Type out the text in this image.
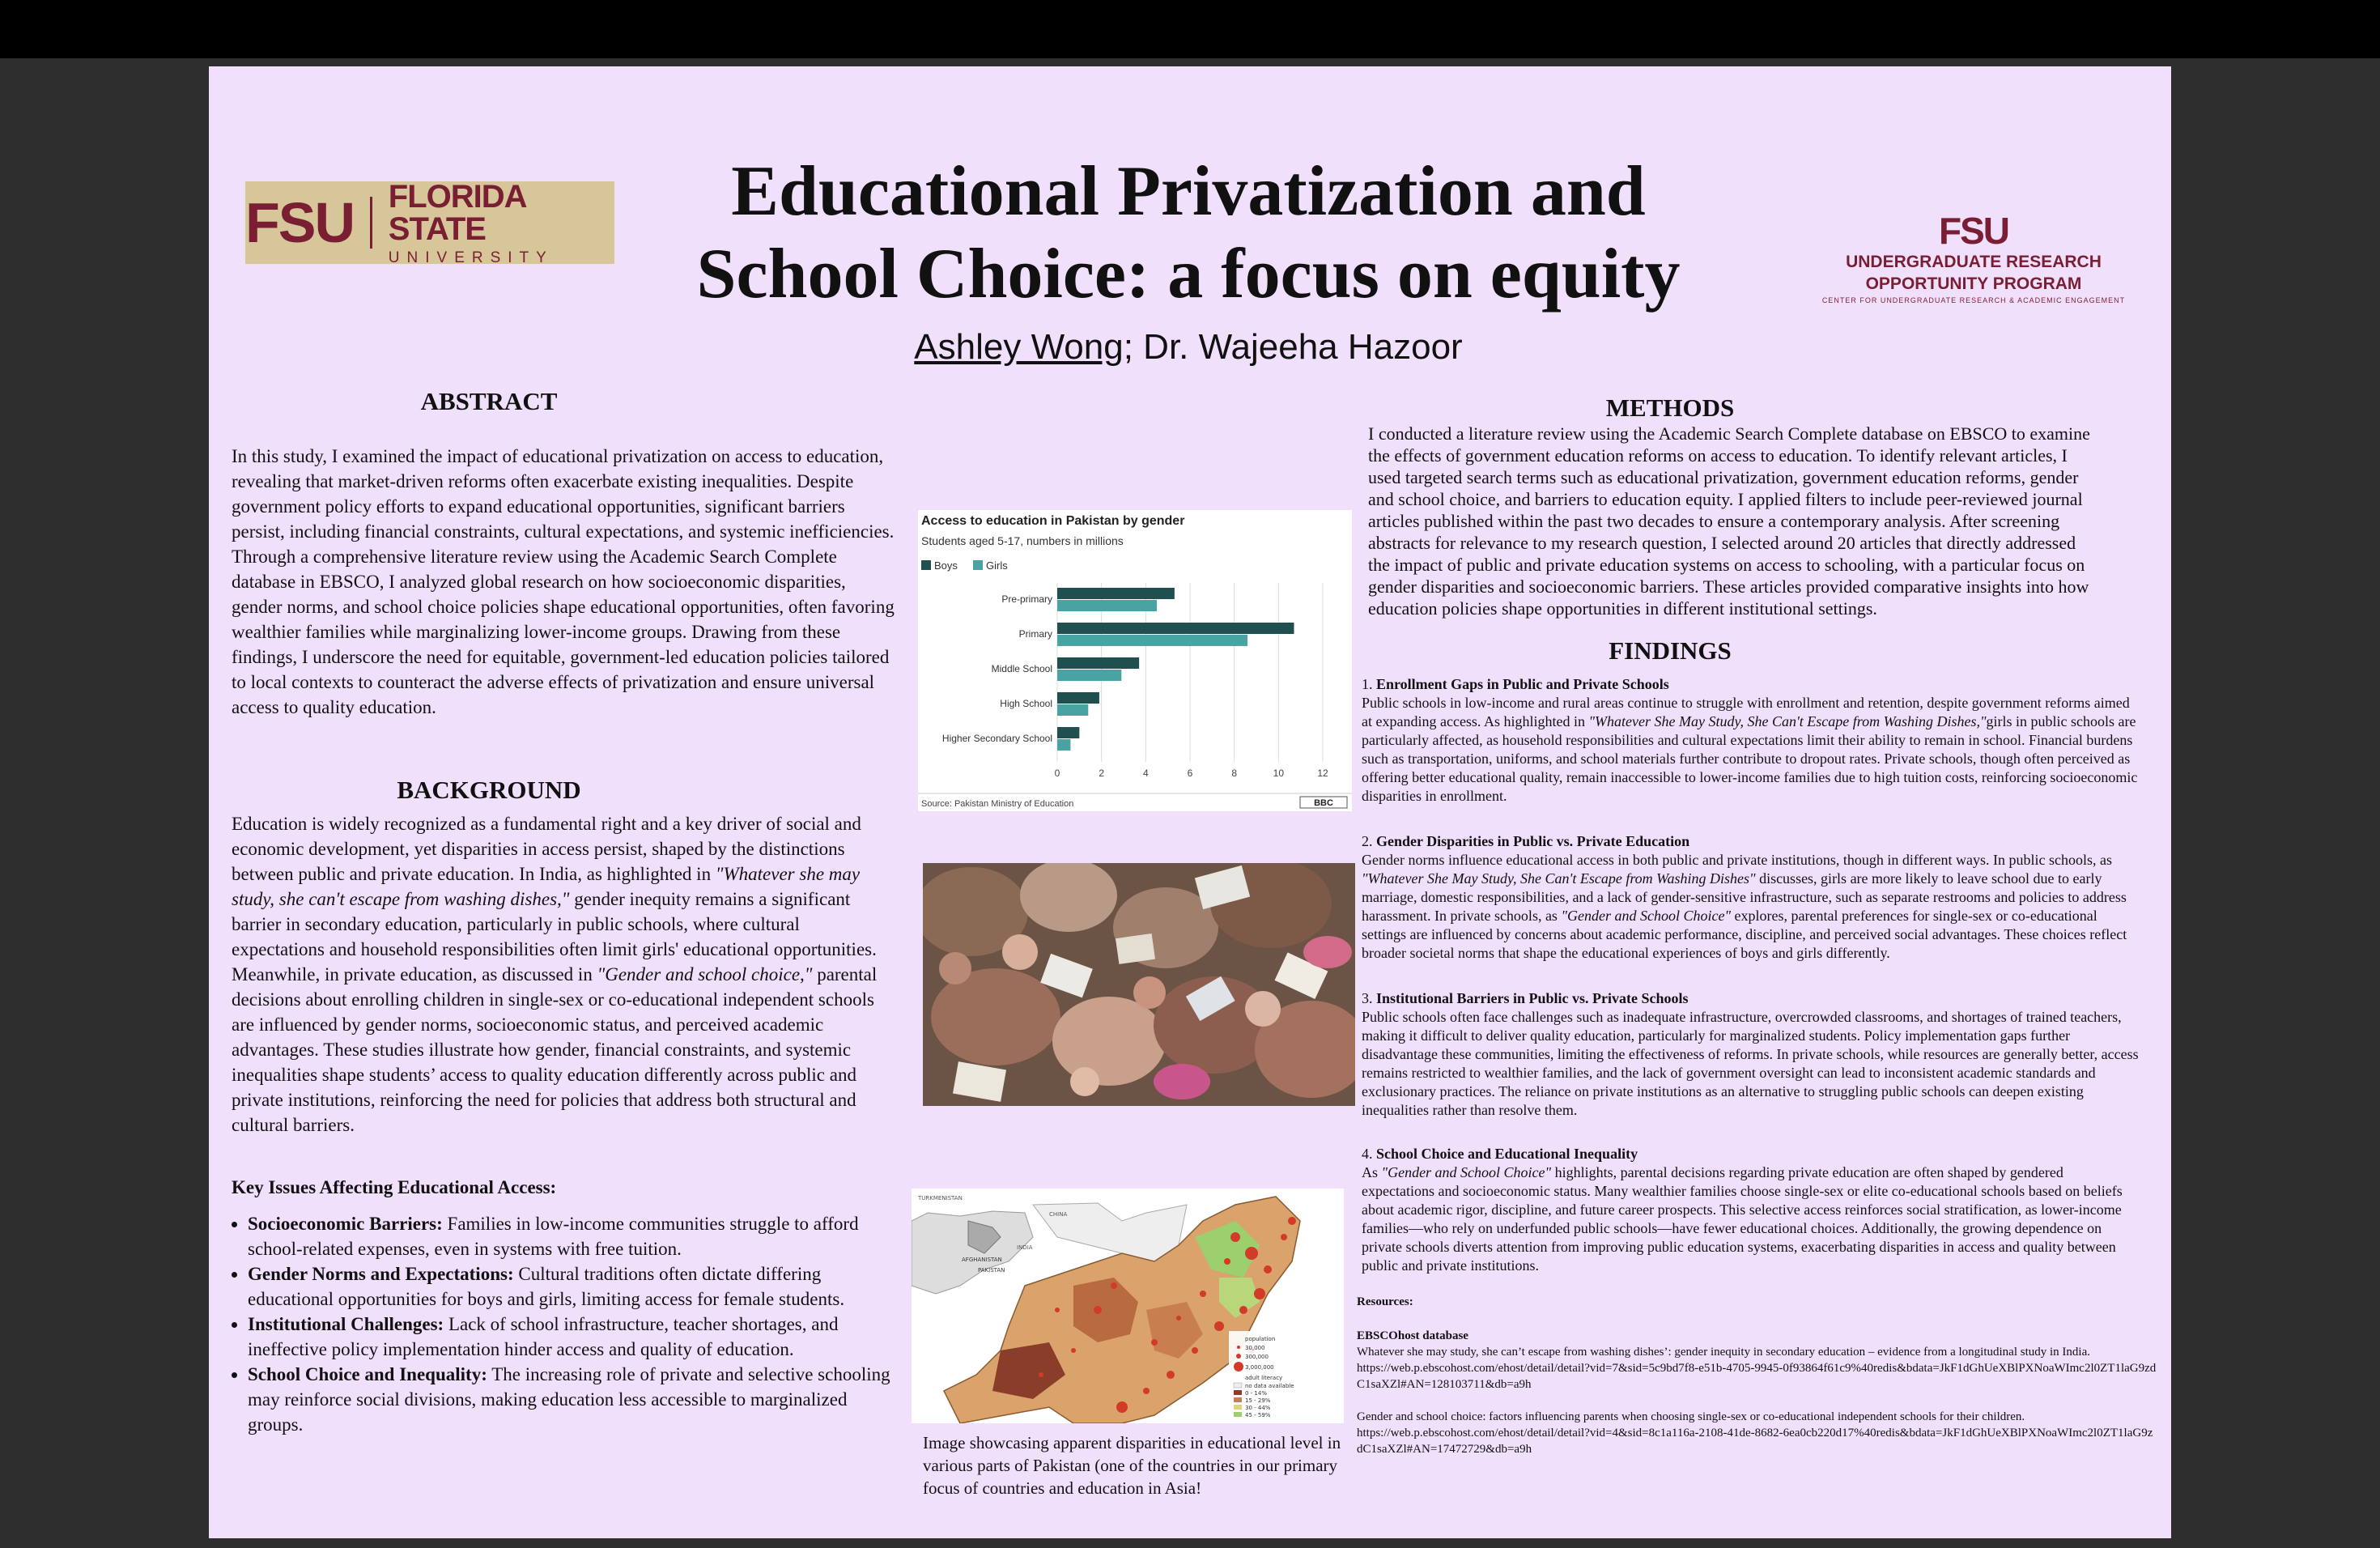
FSU FLORIDA STATE
UNIVERSITY
Educational Privatization and School Choice: a focus on equity
Ashley Wong; Dr. Wajeeha Hazoor
FSU
UNDERGRADUATE RESEARCH
OPPORTUNITY PROGRAM
CENTER FOR UNDERGRADUATE RESEARCH & ACADEMIC ENGAGEMENT
ABSTRACT
In this study, I examined the impact of educational privatization on access to education, revealing that market-driven reforms often exacerbate existing inequalities. Despite government policy efforts to expand educational opportunities, significant barriers persist, including financial constraints, cultural expectations, and systemic inefficiencies. Through a comprehensive literature review using the Academic Search Complete database in EBSCO, I analyzed global research on how socioeconomic disparities, gender norms, and school choice policies shape educational opportunities, often favoring wealthier families while marginalizing lower-income groups. Drawing from these findings, I underscore the need for equitable, government-led education policies tailored to local contexts to counteract the adverse effects of privatization and ensure universal access to quality education.
BACKGROUND
Education is widely recognized as a fundamental right and a key driver of social and economic development, yet disparities in access persist, shaped by the distinctions between public and private education. In India, as highlighted in "Whatever she may study, she can't escape from washing dishes," gender inequity remains a significant barrier in secondary education, particularly in public schools, where cultural expectations and household responsibilities often limit girls' educational opportunities. Meanwhile, in private education, as discussed in "Gender and school choice," parental decisions about enrolling children in single-sex or co-educational independent schools are influenced by gender norms, socioeconomic status, and perceived academic advantages. These studies illustrate how gender, financial constraints, and systemic inequalities shape students’ access to quality education differently across public and private institutions, reinforcing the need for policies that address both structural and cultural barriers.
Key Issues Affecting Educational Access:
• Socioeconomic Barriers: Families in low-income communities struggle to afford school-related expenses, even in systems with free tuition.
• Gender Norms and Expectations: Cultural traditions often dictate differing educational opportunities for boys and girls, limiting access for female students.
• Institutional Challenges: Lack of school infrastructure, teacher shortages, and ineffective policy implementation hinder access and quality of education.
• School Choice and Inequality: The increasing role of private and selective schooling may reinforce social divisions, making education less accessible to marginalized groups.
Access to education in Pakistan by gender
Students aged 5-17, numbers in millions
Boys	Girls
Pre-primary
Primary
Middle School
High School
Higher Secondary School
0	2	4	6	8	10	12
Source: Pakistan Ministry of Education	BBC
TURKMENISTAN
CHINA
AFGHANISTAN
PAKISTAN
INDIA
population
30,000
300,000
3,000,000
adult literacy
no data available
0 - 14%
15 - 29%
30 - 44%
45 - 59%
Image showcasing apparent disparities in educational level in various parts of Pakistan (one of the countries in our primary focus of countries and education in Asia!
METHODS
I conducted a literature review using the Academic Search Complete database on EBSCO to examine the effects of government education reforms on access to education. To identify relevant articles, I used targeted search terms such as educational privatization, government education reforms, gender and school choice, and barriers to education equity. I applied filters to include peer-reviewed journal articles published within the past two decades to ensure a contemporary analysis. After screening abstracts for relevance to my research question, I selected around 20 articles that directly addressed the impact of public and private education systems on access to schooling, with a particular focus on gender disparities and socioeconomic barriers. These articles provided comparative insights into how education policies shape opportunities in different institutional settings.
FINDINGS
1. Enrollment Gaps in Public and Private Schools
Public schools in low-income and rural areas continue to struggle with enrollment and retention, despite government reforms aimed at expanding access. As highlighted in "Whatever She May Study, She Can't Escape from Washing Dishes,"girls in public schools are particularly affected, as household responsibilities and cultural expectations limit their ability to remain in school. Financial burdens such as transportation, uniforms, and school materials further contribute to dropout rates. Private schools, though often perceived as offering better educational quality, remain inaccessible to lower-income families due to high tuition costs, reinforcing socioeconomic disparities in enrollment.
2. Gender Disparities in Public vs. Private Education
Gender norms influence educational access in both public and private institutions, though in different ways. In public schools, as "Whatever She May Study, She Can't Escape from Washing Dishes" discusses, girls are more likely to leave school due to early marriage, domestic responsibilities, and a lack of gender-sensitive infrastructure, such as separate restrooms and policies to address harassment. In private schools, as "Gender and School Choice" explores, parental preferences for single-sex or co-educational settings are influenced by concerns about academic performance, discipline, and perceived social advantages. These choices reflect broader societal norms that shape the educational experiences of boys and girls differently.
3. Institutional Barriers in Public vs. Private Schools
Public schools often face challenges such as inadequate infrastructure, overcrowded classrooms, and shortages of trained teachers, making it difficult to deliver quality education, particularly for marginalized students. Policy implementation gaps further disadvantage these communities, limiting the effectiveness of reforms. In private schools, while resources are generally better, access remains restricted to wealthier families, and the lack of government oversight can lead to inconsistent academic standards and exclusionary practices. The reliance on private institutions as an alternative to struggling public schools can deepen existing inequalities rather than resolve them.
4. School Choice and Educational Inequality
As "Gender and School Choice" highlights, parental decisions regarding private education are often shaped by gendered expectations and socioeconomic status. Many wealthier families choose single-sex or elite co-educational schools based on beliefs about academic rigor, discipline, and future career prospects. This selective access reinforces social stratification, as lower-income families—who rely on underfunded public schools—have fewer educational choices. Additionally, the growing dependence on private schools diverts attention from improving public education systems, exacerbating disparities in access and quality between public and private institutions.
Resources:
EBSCOhost database
Whatever she may study, she can’t escape from washing dishes’: gender inequity in secondary education – evidence from a longitudinal study in India.
https://web.p.ebscohost.com/ehost/detail/detail?vid=7&sid=5c9bd7f8-e51b-4705-9945-0f93864f61c9%40redis&bdata=JkF1dGhUeXBlPXNoaWImc2l0ZT1laG9zdC1saXZl#AN=128103711&db=a9h
Gender and school choice: factors influencing parents when choosing single-sex or co-educational independent schools for their children.
https://web.p.ebscohost.com/ehost/detail/detail?vid=4&sid=8c1a116a-2108-41de-8682-6ea0cb220d17%40redis&bdata=JkF1dGhUeXBlPXNoaWImc2l0ZT1laG9zdC1saXZl#AN=17472729&db=a9h
